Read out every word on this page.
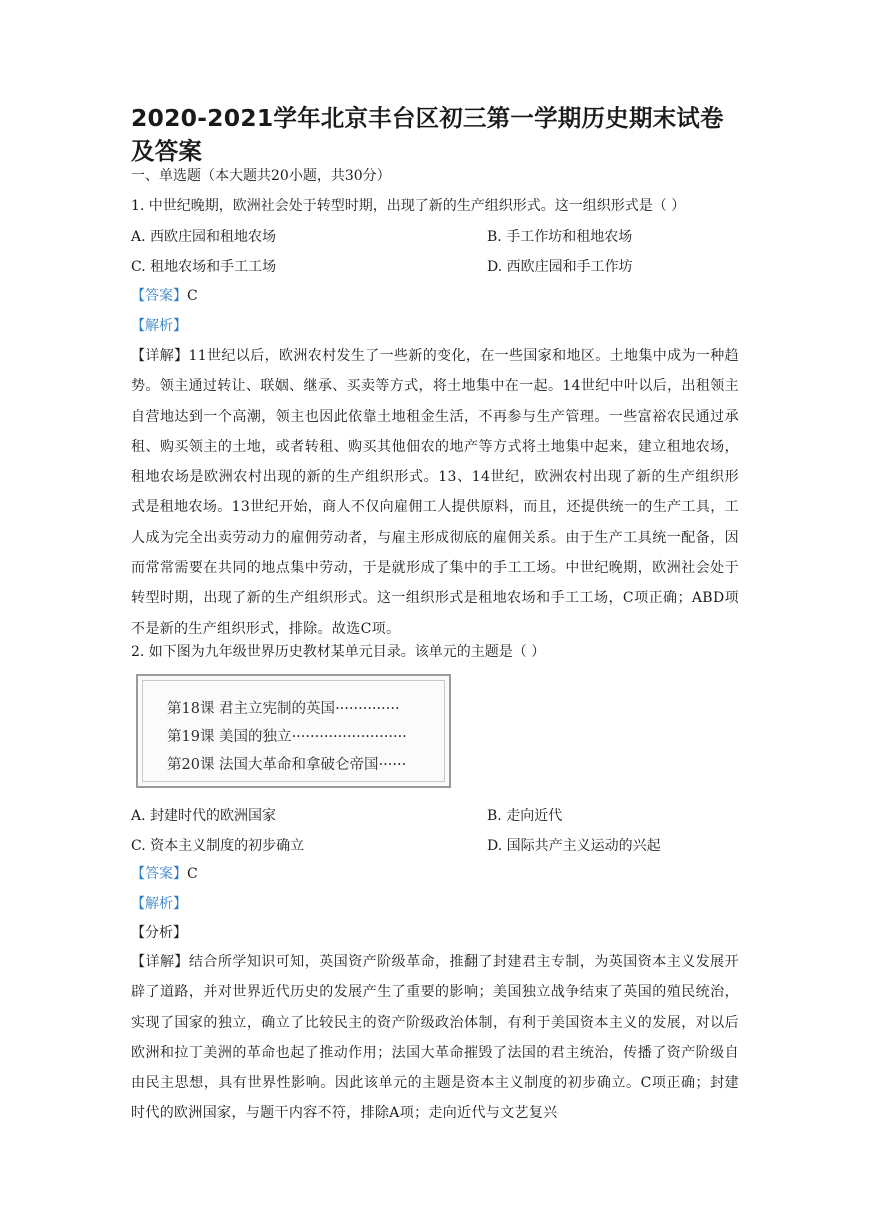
2020-2021学年北京丰台区初三第一学期历史期末试卷及答案
一、单选题（本大题共20小题，共30分）
1. 中世纪晚期，欧洲社会处于转型时期，出现了新的生产组织形式。这一组织形式是（ ）
A. 西欧庄园和租地农场	B. 手工作坊和租地农场
C. 租地农场和手工工场	D. 西欧庄园和手工作坊
【答案】C
【解析】
【详解】11世纪以后，欧洲农村发生了一些新的变化，在一些国家和地区。土地集中成为一种趋势。领主通过转让、联姻、继承、买卖等方式，将土地集中在一起。14世纪中叶以后，出租领主自营地达到一个高潮，领主也因此依靠土地租金生活，不再参与生产管理。一些富裕农民通过承租、购买领主的土地，或者转租、购买其他佃农的地产等方式将土地集中起来，建立租地农场，租地农场是欧洲农村出现的新的生产组织形式。13、14世纪，欧洲农村出现了新的生产组织形式是租地农场。13世纪开始，商人不仅向雇佣工人提供原料，而且，还提供统一的生产工具，工人成为完全出卖劳动力的雇佣劳动者，与雇主形成彻底的雇佣关系。由于生产工具统一配备，因而常常需要在共同的地点集中劳动，于是就形成了集中的手工工场。中世纪晚期，欧洲社会处于转型时期，出现了新的生产组织形式。这一组织形式是租地农场和手工工场，C项正确；ABD项不是新的生产组织形式，排除。故选C项。
2. 如下图为九年级世界历史教材某单元目录。该单元的主题是（ ）
第18课 君主立宪制的英国··············
第19课 美国的独立·························
第20课 法国大革命和拿破仑帝国······
A. 封建时代的欧洲国家	B. 走向近代
C. 资本主义制度的初步确立	D. 国际共产主义运动的兴起
【答案】C
【解析】
【分析】
【详解】结合所学知识可知，英国资产阶级革命，推翻了封建君主专制，为英国资本主义发展开辟了道路，并对世界近代历史的发展产生了重要的影响；美国独立战争结束了英国的殖民统治，实现了国家的独立，确立了比较民主的资产阶级政治体制，有利于美国资本主义的发展，对以后欧洲和拉丁美洲的革命也起了推动作用；法国大革命摧毁了法国的君主统治，传播了资产阶级自由民主思想，具有世界性影响。因此该单元的主题是资本主义制度的初步确立。C项正确；封建时代的欧洲国家，与题干内容不符，排除A项；走向近代与文艺复兴
